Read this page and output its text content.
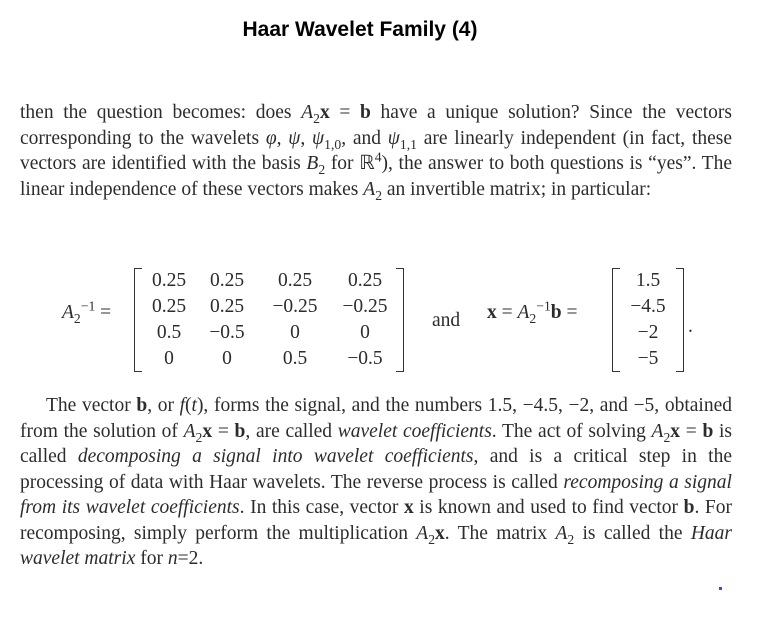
Haar Wavelet Family (4)
then the question becomes: does $A_2x = b$ have a unique solution? Since the vectors corresponding to the wavelets φ, ψ, $\psi_{1,0}$, and $\psi_{1,1}$ are linearly independent (in fact, these vectors are identified with the basis $B_2$ for ℝ$^4$), the answer to both questions is “yes”. The linear independence of these vectors makes $A_2$ an invertible matrix; in particular:
$A_2^{-1}$ =
0.25	0.25	0.25	0.25
0.25	0.25	−0.25	−0.25
0.5	−0.5	0	0
0	0	0.5	−0.5
and $x = A_2^{-1}b$ =
1.5
−4.5
−2
−5
.
The vector b, or f(t), forms the signal, and the numbers 1.5, −4.5, −2, and −5, obtained from the solution of $A_2x = b$, are called wavelet coefficients. The act of solving $A_2x = b$ is called decomposing a signal into wavelet coefficients, and is a critical step in the processing of data with Haar wavelets. The reverse process is called recomposing a signal from its wavelet coefficients. In this case, vector x is known and used to find vector b. For recomposing, simply perform the multiplication $A_2x$. The matrix $A_2$ is called the Haar wavelet matrix for n=2.
